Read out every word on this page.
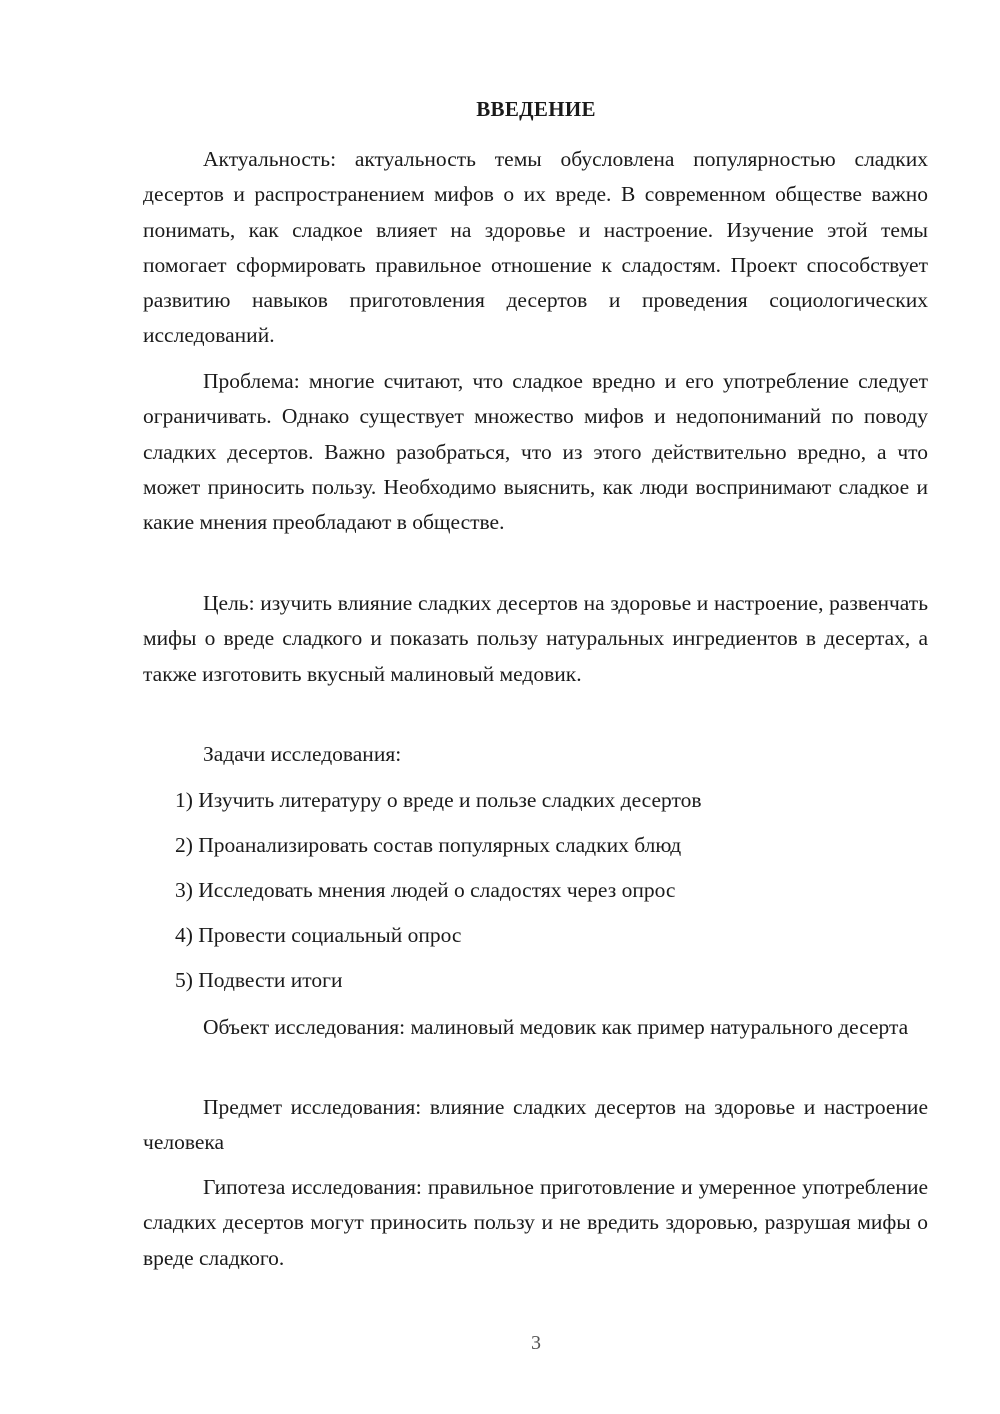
ВВЕДЕНИЕ

Актуальность: актуальность темы обусловлена популярностью сладких десертов и распространением мифов о их вреде. В современном обществе важно понимать, как сладкое влияет на здоровье и настроение. Изучение этой темы помогает сформировать правильное отношение к сладостям. Проект способствует развитию навыков приготовления десертов и проведения социологических исследований.

Проблема: многие считают, что сладкое вредно и его употребление следует ограничивать. Однако существует множество мифов и недопониманий по поводу сладких десертов. Важно разобраться, что из этого действительно вредно, а что может приносить пользу. Необходимо выяснить, как люди воспринимают сладкое и какие мнения преобладают в обществе.

Цель: изучить влияние сладких десертов на здоровье и настроение, развенчать мифы о вреде сладкого и показать пользу натуральных ингредиентов в десертах, а также изготовить вкусный малиновый медовик.

Задачи исследования:
1) Изучить литературу о вреде и пользе сладких десертов
2) Проанализировать состав популярных сладких блюд
3) Исследовать мнения людей о сладостях через опрос
4) Провести социальный опрос
5) Подвести итоги

Объект исследования: малиновый медовик как пример натурального десерта

Предмет исследования: влияние сладких десертов на здоровье и настроение человека

Гипотеза исследования: правильное приготовление и умеренное употребление сладких десертов могут приносить пользу и не вредить здоровью, разрушая мифы о вреде сладкого.

3
